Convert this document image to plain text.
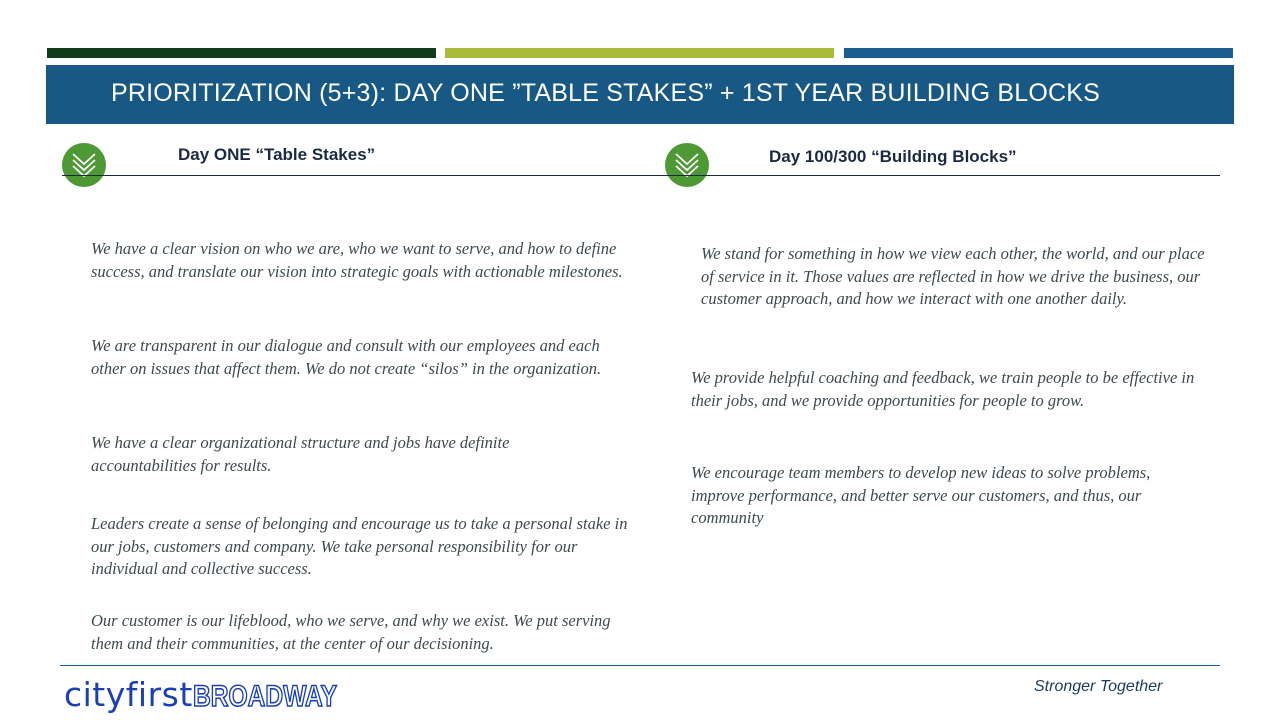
PRIORITIZATION (5+3): DAY ONE ”TABLE STAKES” + 1ST YEAR BUILDING BLOCKS
Day ONE “Table Stakes”	Day 100/300 “Building Blocks”

We have a clear vision on who we are, who we want to serve, and how to define success, and translate our vision into strategic goals with actionable milestones.

We are transparent in our dialogue and consult with our employees and each other on issues that affect them. We do not create “silos” in the organization.

We have a clear organizational structure and jobs have definite accountabilities for results.

Leaders create a sense of belonging and encourage us to take a personal stake in our jobs, customers and company. We take personal responsibility for our individual and collective success.

Our customer is our lifeblood, who we serve, and why we exist. We put serving them and their communities, at the center of our decisioning.

We stand for something in how we view each other, the world, and our place of service in it. Those values are reflected in how we drive the business, our customer approach, and how we interact with one another daily.

We provide helpful coaching and feedback, we train people to be effective in their jobs, and we provide opportunities for people to grow.

We encourage team members to develop new ideas to solve problems, improve performance, and better serve our customers, and thus, our community

cityfirstBROADWAY	Stronger Together
